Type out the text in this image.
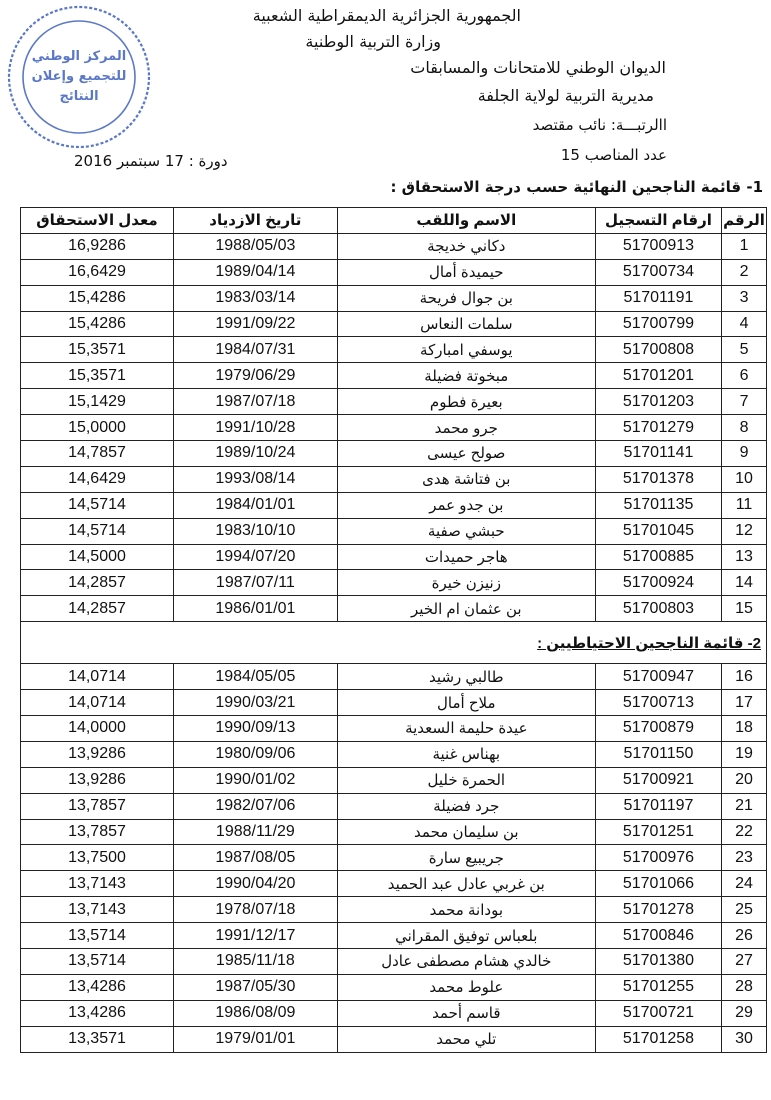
المركز الوطني
للتجميع وإعلان
النتائج
الجمهورية الجزائرية الديمقراطية الشعبية
وزارة التربية الوطنية
الديوان الوطني للامتحانات والمسابقات
مديرية التربية لولاية الجلفة
االرتبـــة: نائب مقتصد
عدد المناصب 15
دورة : 17 سبتمبر 2016
1- قائمة الناجحين النهائية حسب درجة الاستحقاق :
الرقم	ارقام التسجيل	الاسم واللقب	تاريخ الازدياد	معدل الاستحقاق
1	51700913	دكاني خديجة	1988/05/03	16,9286
2	51700734	حيميدة أمال	1989/04/14	16,6429
3	51701191	بن جوال فريحة	1983/03/14	15,4286
4	51700799	سلمات النعاس	1991/09/22	15,4286
5	51700808	يوسفي امباركة	1984/07/31	15,3571
6	51701201	مبخوتة فضيلة	1979/06/29	15,3571
7	51701203	بعيرة فطوم	1987/07/18	15,1429
8	51701279	جرو محمد	1991/10/28	15,0000
9	51701141	صولح عيسى	1989/10/24	14,7857
10	51701378	بن فتاشة هدى	1993/08/14	14,6429
11	51701135	بن جدو عمر	1984/01/01	14,5714
12	51701045	حبشي صفية	1983/10/10	14,5714
13	51700885	هاجر حميدات	1994/07/20	14,5000
14	51700924	زنيزن خيرة	1987/07/11	14,2857
15	51700803	بن عثمان ام الخير	1986/01/01	14,2857
2- قائمة الناجحين الاحتياطيين :				
16	51700947	طالبي رشيد	1984/05/05	14,0714
17	51700713	ملاح أمال	1990/03/21	14,0714
18	51700879	عيدة حليمة السعدية	1990/09/13	14,0000
19	51701150	بهناس غنية	1980/09/06	13,9286
20	51700921	الحمرة خليل	1990/01/02	13,9286
21	51701197	جرد فضيلة	1982/07/06	13,7857
22	51701251	بن سليمان محمد	1988/11/29	13,7857
23	51700976	جريبيع سارة	1987/08/05	13,7500
24	51701066	بن غربي عادل عبد الحميد	1990/04/20	13,7143
25	51701278	بودانة محمد	1978/07/18	13,7143
26	51700846	بلعباس توفيق المقراني	1991/12/17	13,5714
27	51701380	خالدي هشام مصطفى عادل	1985/11/18	13,5714
28	51701255	علوط محمد	1987/05/30	13,4286
29	51700721	قاسم أحمد	1986/08/09	13,4286
30	51701258	تلي محمد	1979/01/01	13,3571
